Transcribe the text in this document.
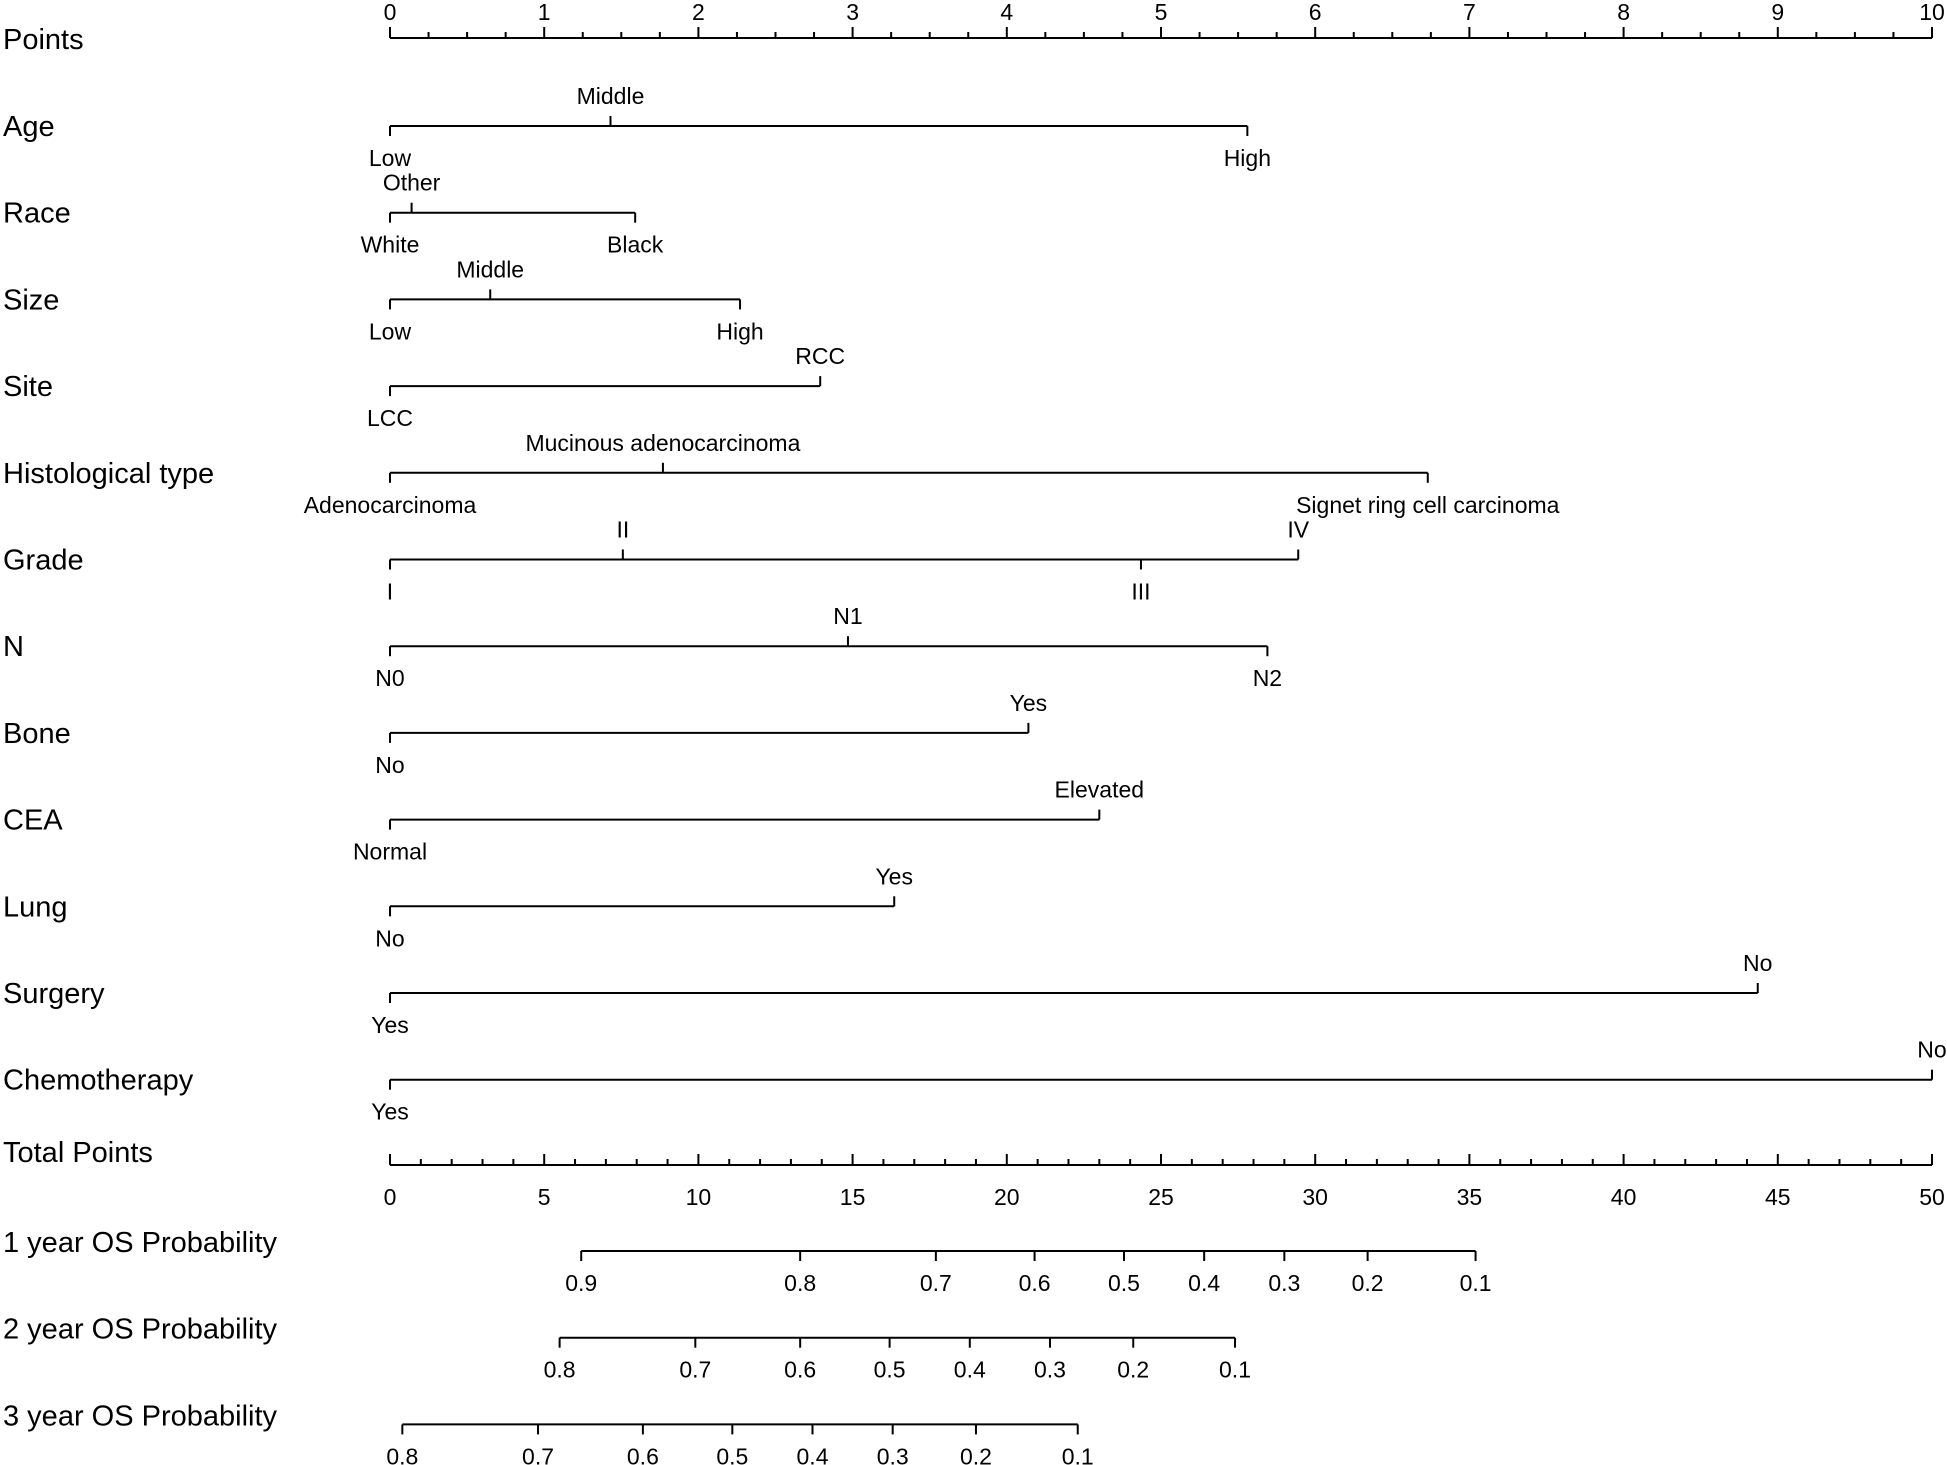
Points
0	1	2	3	4	5	6	7	8	9	10
Age
Low
Middle
High
Race
White
Other
Black
Size
Low
Middle
High
Site
LCC
RCC
Histological type
Adenocarcinoma
Mucinous adenocarcinoma
Signet ring cell carcinoma
Grade
I
II
III
IV
N
N0
N1
N2
Bone
No
Yes
CEA
Normal
Elevated
Lung
No
Yes
Surgery
Yes
No
Chemotherapy
Yes
No
Total Points
0	5	10	15	20	25	30	35	40	45	50
1 year OS Probability
0.9	0.8	0.7	0.6 0.5 0.4 0.3 0.2	0.1
2 year OS Probability
0.8	0.7	0.6 0.5 0.4 0.3 0.2	0.1
3 year OS Probability
0.8	0.7	0.6 0.5 0.4 0.3 0.2	0.1
